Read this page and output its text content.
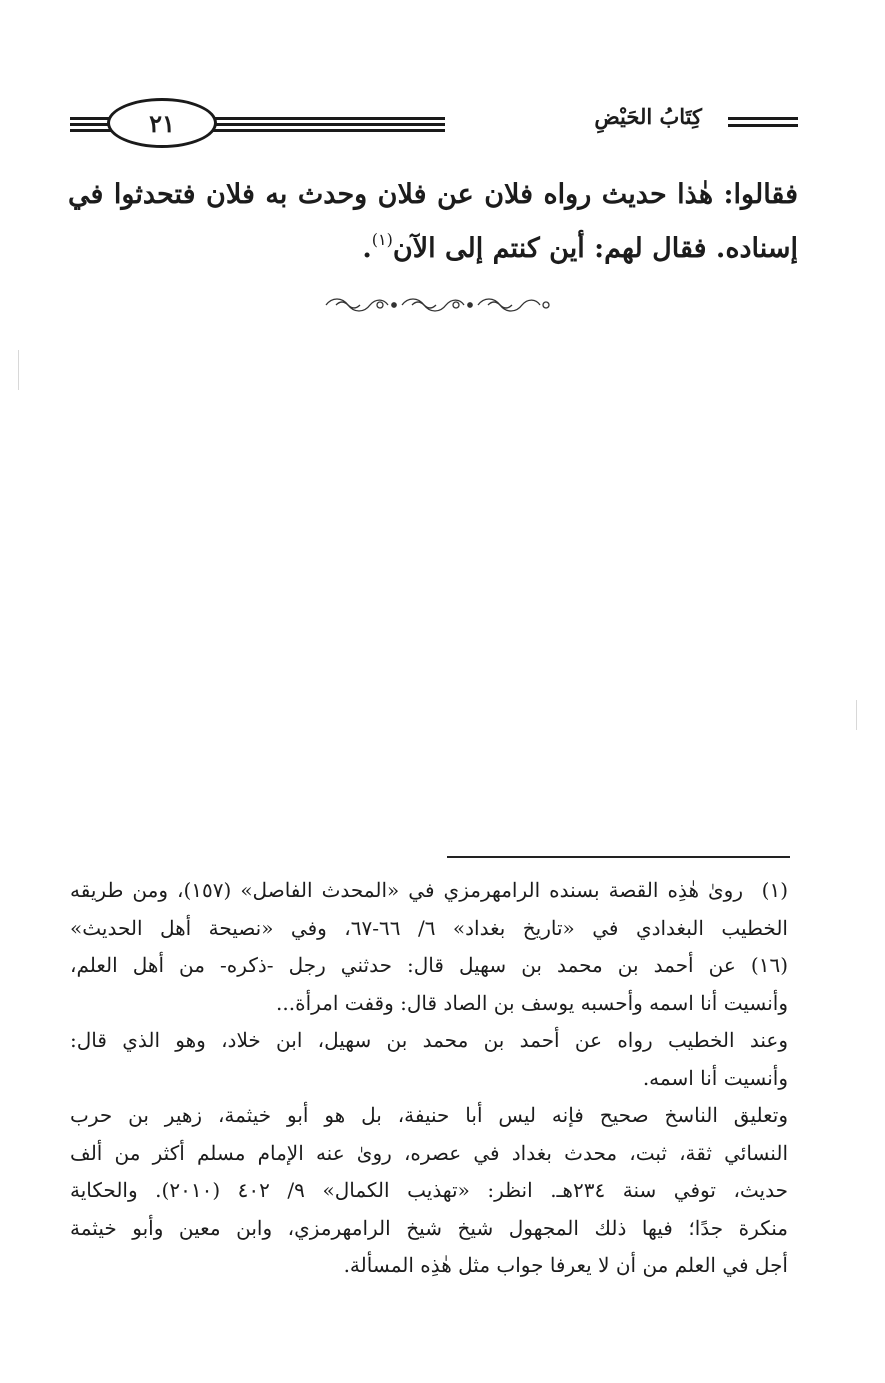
٢١	كِتَابُ الحَيْضِ
فقالوا: هٰذا حديث رواه فلان عن فلان وحدث به فلان فتحدثوا في إسناده. فقال لهم: أين كنتم إلى الآن$^{(١)}$.
(١)
رویٰ هٰذِه القصة بسنده الرامهرمزي في «المحدث الفاصل» (١٥٧)، ومن طريقه
الخطيب البغدادي في «تاريخ بغداد» ٦/ ٦٦-٦٧، وفي «نصيحة أهل الحديث»
(١٦) عن أحمد بن محمد بن سهيل قال: حدثني رجل -ذكره- من أهل العلم،
وأنسيت أنا اسمه وأحسبه يوسف بن الصاد قال: وقفت امرأة...
وعند الخطيب رواه عن أحمد بن محمد بن سهيل، ابن خلاد، وهو الذي قال:
وأنسيت أنا اسمه.
وتعليق الناسخ صحيح فإنه ليس أبا حنيفة، بل هو أبو خيثمة، زهير بن حرب
النسائي ثقة، ثبت، محدث بغداد في عصره، رویٰ عنه الإمام مسلم أكثر من ألف
حديث، توفي سنة ٢٣٤هـ. انظر: «تهذيب الكمال» ٩/ ٤٠٢ (٢٠١٠). والحكاية
منكرة جدًا؛ فيها ذلك المجهول شيخ شيخ الرامهرمزي، وابن معين وأبو خيثمة
أجل في العلم من أن لا يعرفا جواب مثل هٰذِه المسألة.
